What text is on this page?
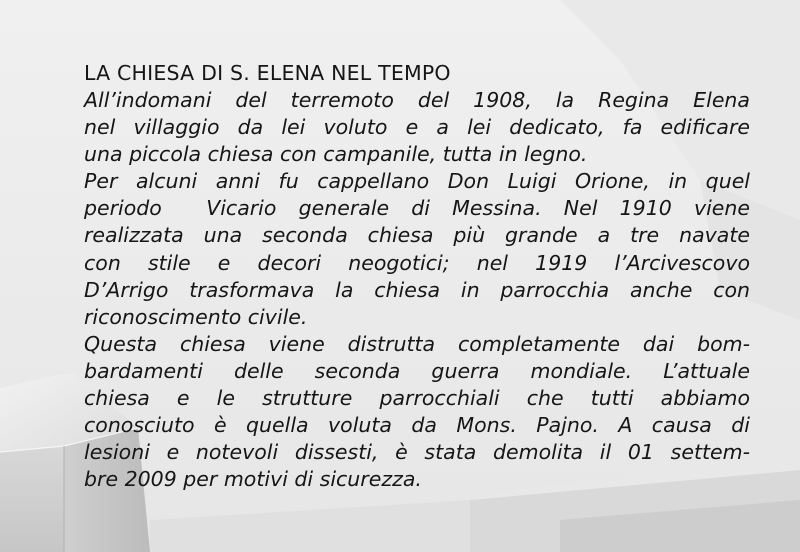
LA CHIESA DI S. ELENA NEL TEMPO
All’indomani del terremoto del 1908, la Regina Elena
nel villaggio da lei voluto e a lei dedicato, fa edificare
una piccola chiesa con campanile, tutta in legno.
Per alcuni anni fu cappellano Don Luigi Orione, in quel
periodo  Vicario generale di Messina. Nel 1910 viene
realizzata una seconda chiesa più grande a tre navate
con stile e decori neogotici; nel 1919 l’Arcivescovo
D’Arrigo trasformava la chiesa in parrocchia anche con
riconoscimento civile.
Questa chiesa viene distrutta completamente dai bom-
bardamenti delle seconda guerra mondiale. L’attuale
chiesa e le strutture parrocchiali che tutti abbiamo
conosciuto è quella voluta da Mons. Pajno. A causa di
lesioni e notevoli dissesti, è stata demolita il 01 settem-
bre 2009 per motivi di sicurezza.
